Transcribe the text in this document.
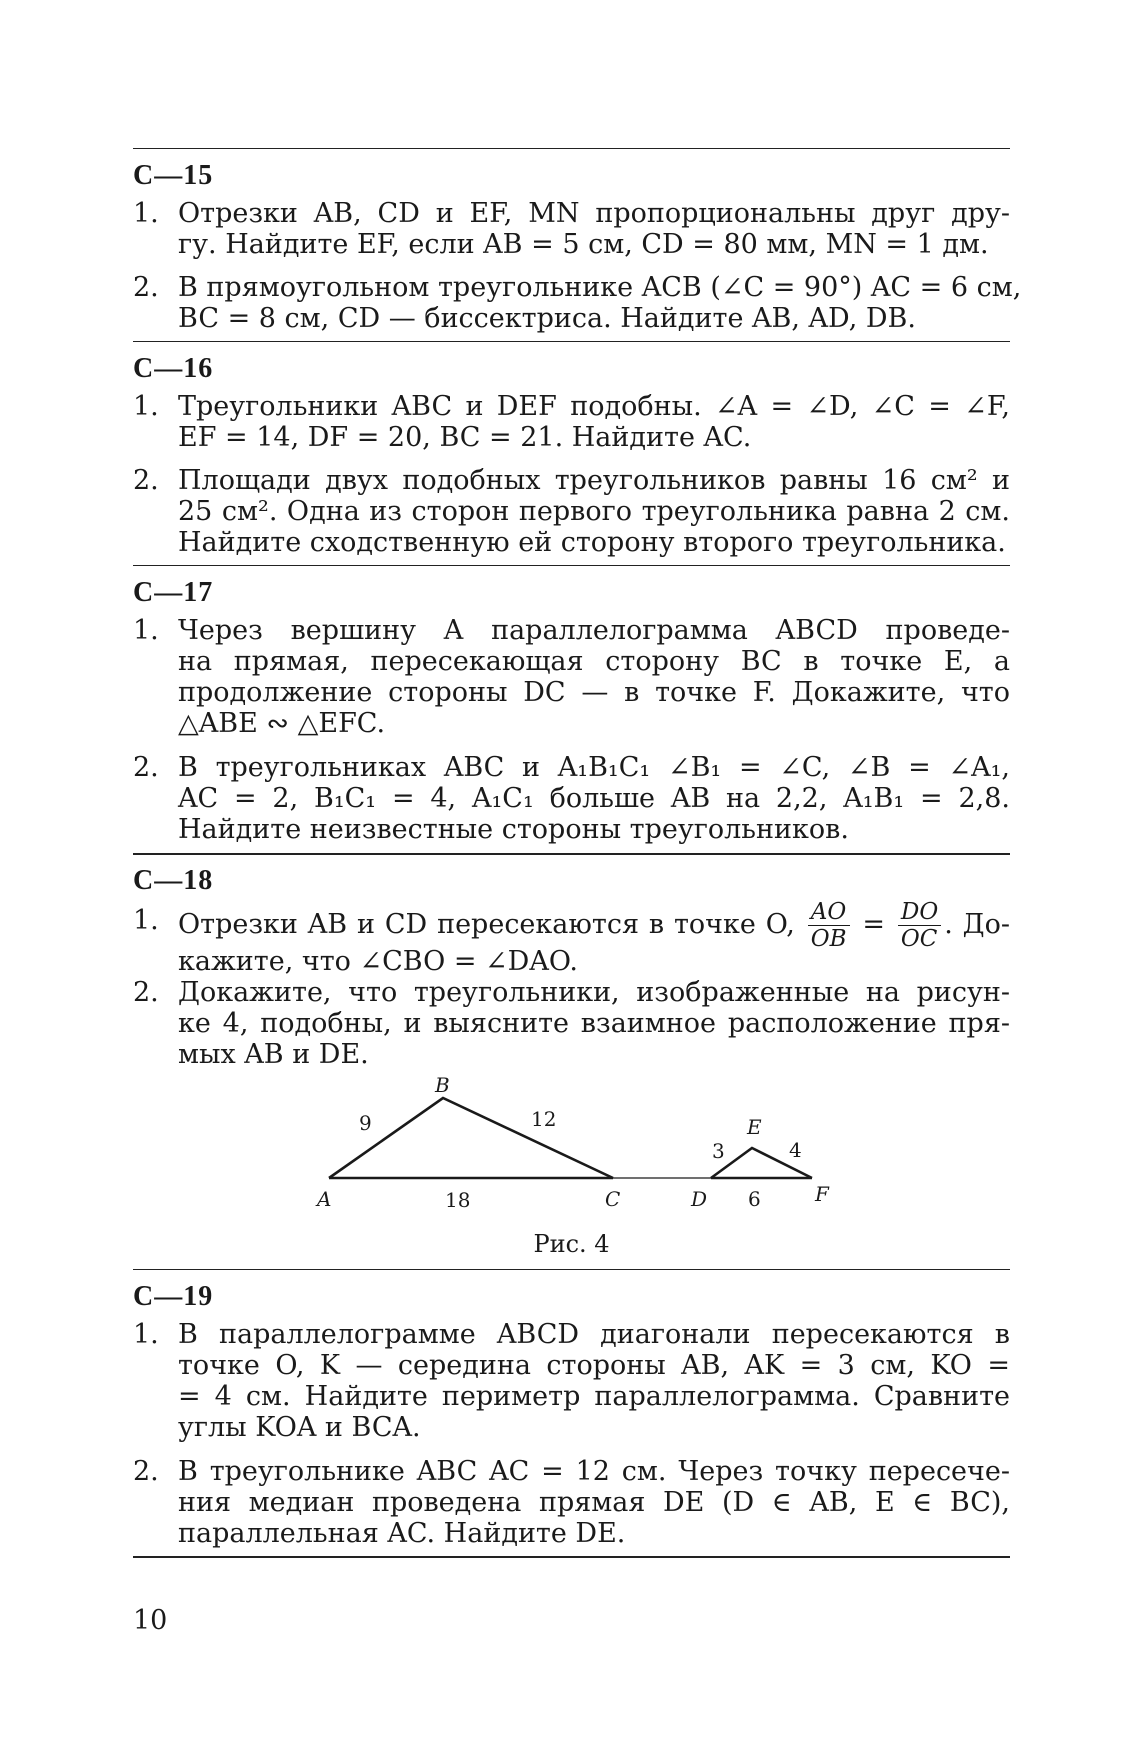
С—15
1. Отрезки AB, CD и EF, MN пропорциональны друг дру-
гу. Найдите EF, если AB = 5 см, CD = 80 мм, MN = 1 дм.
2. В прямоугольном треугольнике ACB (∠C = 90°) AC = 6 см,
BC = 8 см, CD — биссектриса. Найдите AB, AD, DB.
С—16
1. Треугольники ABC и DEF подобны. ∠A = ∠D, ∠C = ∠F,
EF = 14, DF = 20, BC = 21. Найдите AC.
2. Площади двух подобных треугольников равны 16 см² и
25 см². Одна из сторон первого треугольника равна 2 см.
Найдите сходственную ей сторону второго треугольника.
С—17
1. Через вершину A параллелограмма ABCD проведе-
на прямая, пересекающая сторону BC в точке E, а
продолжение стороны DC — в точке F. Докажите, что
△ABE ∾ △EFC.
2. В треугольниках ABC и A₁B₁C₁ ∠B₁ = ∠C, ∠B = ∠A₁,
AC = 2, B₁C₁ = 4, A₁C₁ больше AB на 2,2, A₁B₁ = 2,8.
Найдите неизвестные стороны треугольников.
С—18
1. Отрезки AB и CD пересекаются в точке O, $\frac{AO}{OB} = \frac{DO}{OC}$ . До-
кажите, что ∠CBO = ∠DAO.
2. Докажите, что треугольники, изображенные на рисун-
ке 4, подобны, и выясните взаимное расположение пря-
мых AB и DE.
B
A	C	D
E
F
9	12
18
3	4
6
Рис. 4
С—19
1. В параллелограмме ABCD диагонали пересекаются в
точке O, K — середина стороны AB, AK = 3 см, KO =
= 4 см. Найдите периметр параллелограмма. Сравните
углы KOA и BCA.
2. В треугольнике ABC AC = 12 см. Через точку пересече-
ния медиан проведена прямая DE (D ∈ AB, E ∈ BC),
параллельная AC. Найдите DE.
10
